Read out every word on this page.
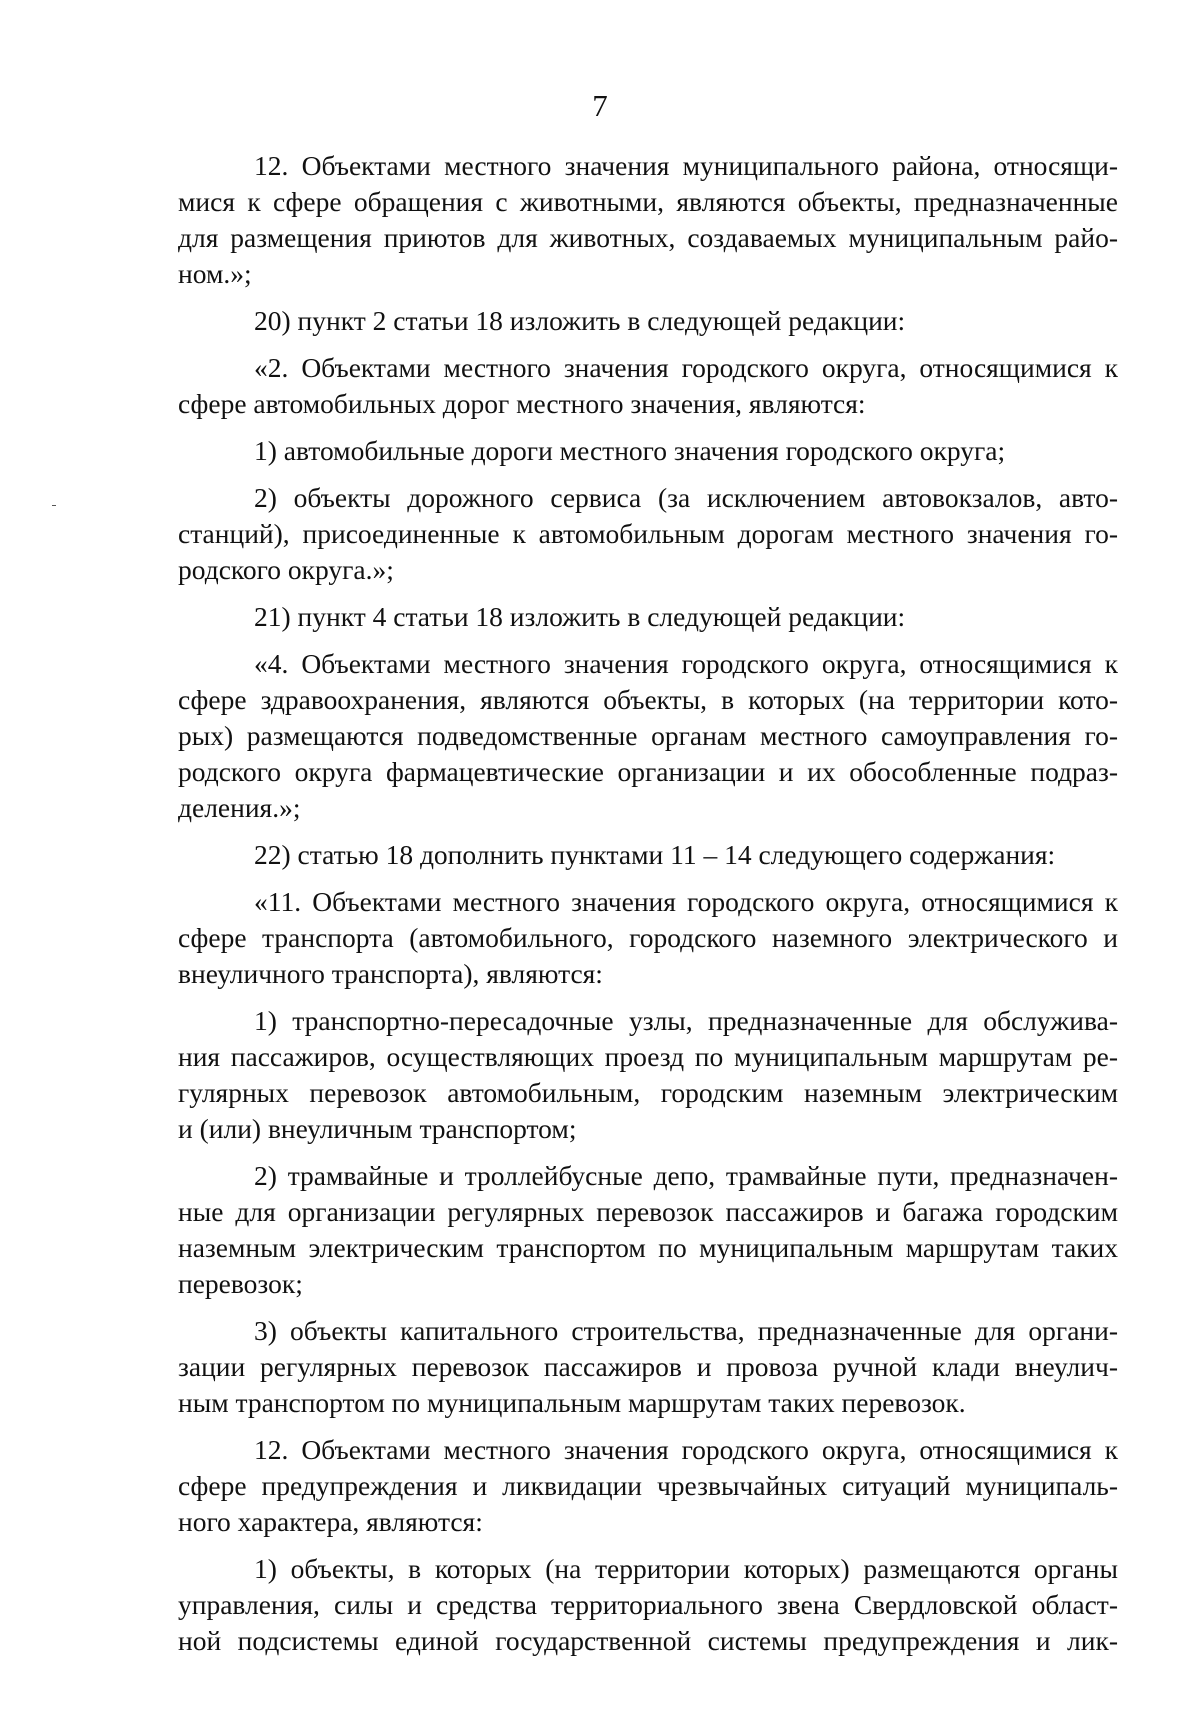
7
12. Объектами местного значения муниципального района, относящи-
мися к сфере обращения с животными, являются объекты, предназначенные
для размещения приютов для животных, создаваемых муниципальным райо-
ном.»;
20) пункт 2 статьи 18 изложить в следующей редакции:
«2. Объектами местного значения городского округа, относящимися к
сфере автомобильных дорог местного значения, являются:
1) автомобильные дороги местного значения городского округа;
2) объекты дорожного сервиса (за исключением автовокзалов, авто-
станций), присоединенные к автомобильным дорогам местного значения го-
родского округа.»;
21) пункт 4 статьи 18 изложить в следующей редакции:
«4. Объектами местного значения городского округа, относящимися к
сфере здравоохранения, являются объекты, в которых (на территории кото-
рых) размещаются подведомственные органам местного самоуправления го-
родского округа фармацевтические организации и их обособленные подраз-
деления.»;
22) статью 18 дополнить пунктами 11 – 14 следующего содержания:
«11. Объектами местного значения городского округа, относящимися к
сфере транспорта (автомобильного, городского наземного электрического и
внеуличного транспорта), являются:
1) транспортно-пересадочные узлы, предназначенные для обслужива-
ния пассажиров, осуществляющих проезд по муниципальным маршрутам ре-
гулярных перевозок автомобильным, городским наземным электрическим
и (или) внеуличным транспортом;
2) трамвайные и троллейбусные депо, трамвайные пути, предназначен-
ные для организации регулярных перевозок пассажиров и багажа городским
наземным электрическим транспортом по муниципальным маршрутам таких
перевозок;
3) объекты капитального строительства, предназначенные для органи-
зации регулярных перевозок пассажиров и провоза ручной клади внеулич-
ным транспортом по муниципальным маршрутам таких перевозок.
12. Объектами местного значения городского округа, относящимися к
сфере предупреждения и ликвидации чрезвычайных ситуаций муниципаль-
ного характера, являются:
1) объекты, в которых (на территории которых) размещаются органы
управления, силы и средства территориального звена Свердловской област-
ной подсистемы единой государственной системы предупреждения и лик-
